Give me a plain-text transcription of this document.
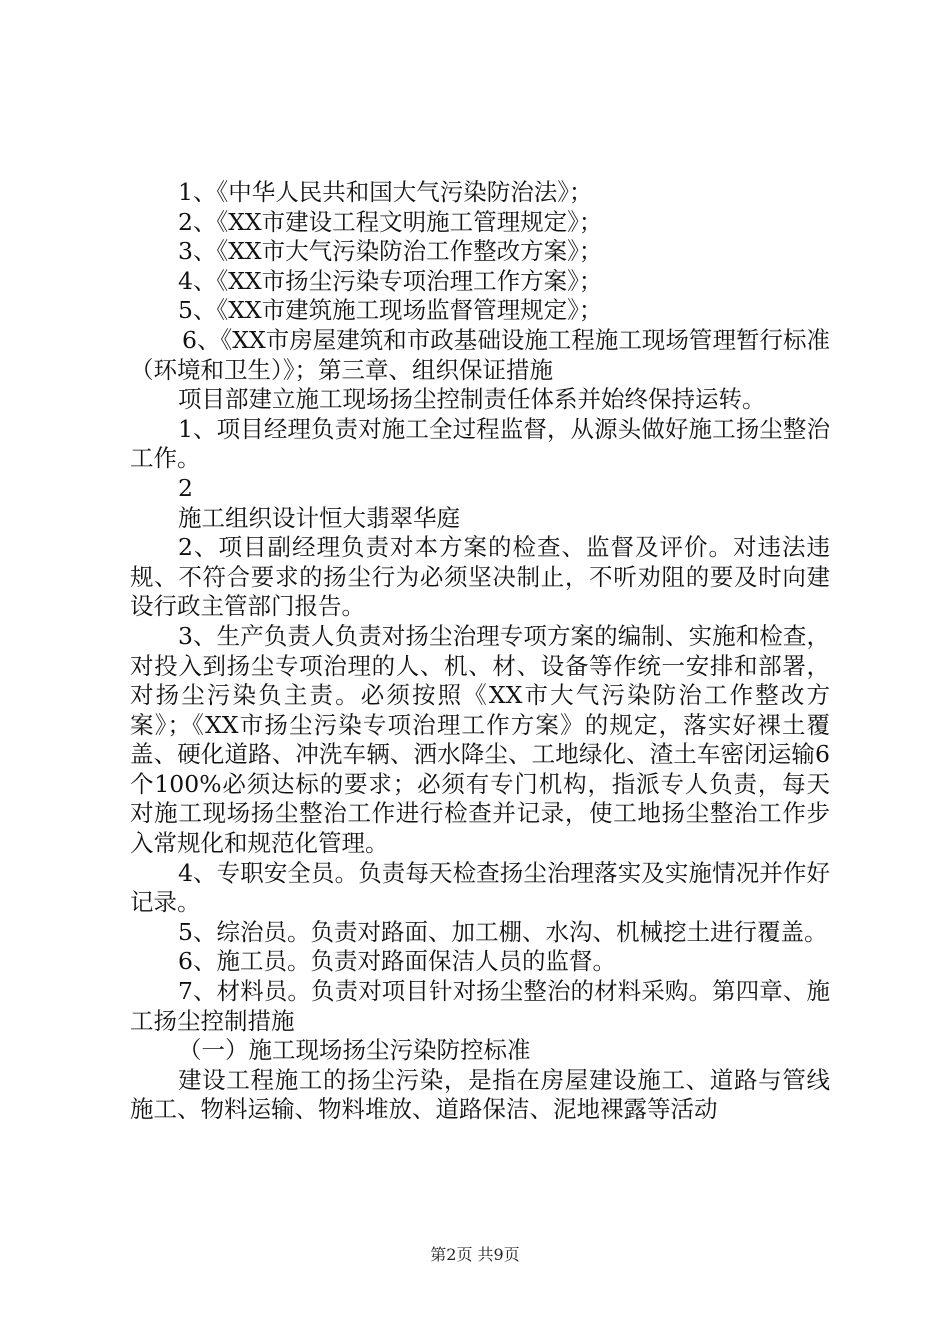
1、《中华人民共和国大气污染防治法》；

2、《XX市建设工程文明施工管理规定》；

3、《XX市大气污染防治工作整改方案》；

4、《XX市扬尘污染专项治理工作方案》；

5、《XX市建筑施工现场监督管理规定》；

6、《XX市房屋建筑和市政基础设施工程施工现场管理暂行标准（环境和卫生）》；第三章、组织保证措施

项目部建立施工现场扬尘控制责任体系并始终保持运转。

1、项目经理负责对施工全过程监督，从源头做好施工扬尘整治工作。

2

施工组织设计恒大翡翠华庭

2、项目副经理负责对本方案的检查、监督及评价。对违法违规、不符合要求的扬尘行为必须坚决制止，不听劝阻的要及时向建设行政主管部门报告。

3、生产负责人负责对扬尘治理专项方案的编制、实施和检查，对投入到扬尘专项治理的人、机、材、设备等作统一安排和部署，对扬尘污染负主责。必须按照《XX市大气污染防治工作整改方案》；《XX市扬尘污染专项治理工作方案》的规定，落实好裸土覆盖、硬化道路、冲洗车辆、洒水降尘、工地绿化、渣土车密闭运输6个100%必须达标的要求；必须有专门机构，指派专人负责，每天对施工现场扬尘整治工作进行检查并记录，使工地扬尘整治工作步入常规化和规范化管理。

4、专职安全员。负责每天检查扬尘治理落实及实施情况并作好记录。

5、综治员。负责对路面、加工棚、水沟、机械挖土进行覆盖。

6、施工员。负责对路面保洁人员的监督。

7、材料员。负责对项目针对扬尘整治的材料采购。第四章、施工扬尘控制措施

（一）施工现场扬尘污染防控标准

建设工程施工的扬尘污染，是指在房屋建设施工、道路与管线施工、物料运输、物料堆放、道路保洁、泥地裸露等活动

第2页 共9页
